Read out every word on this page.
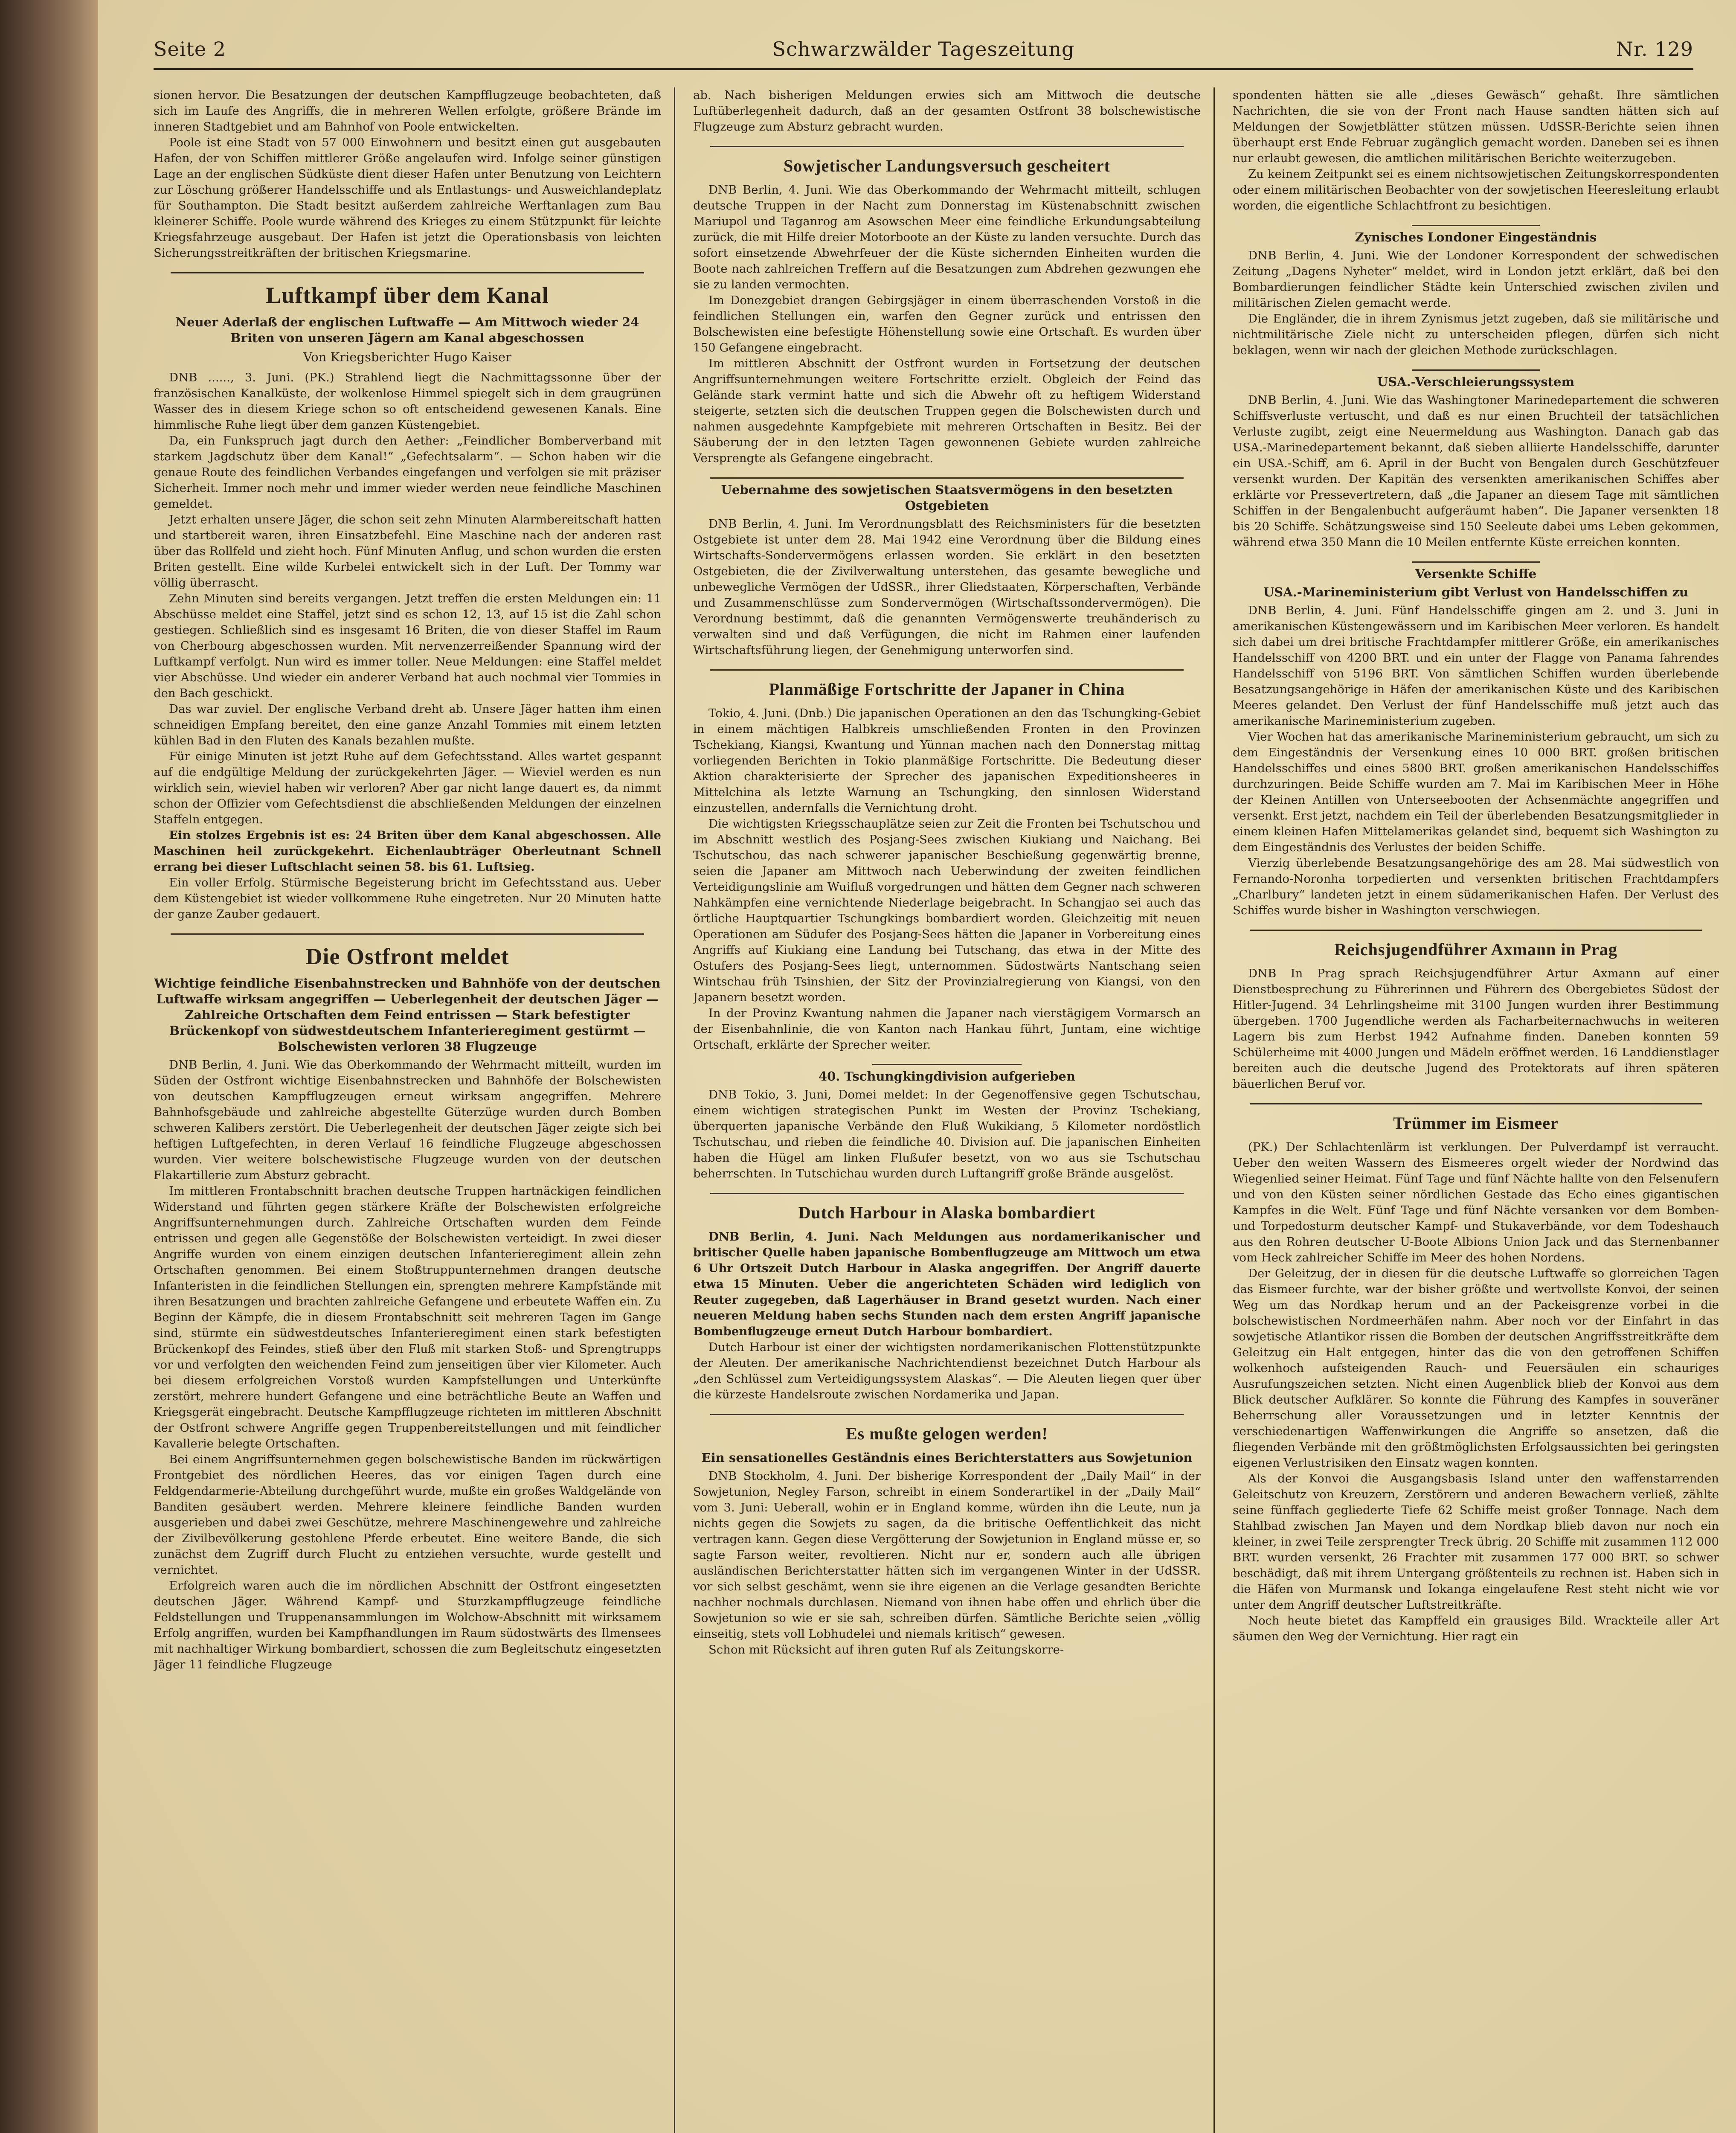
Seite 2	Schwarzwälder Tageszeitung	Nr. 129

sionen hervor. Die Besatzungen der deutschen Kampfflugzeuge beobachteten, daß sich im Laufe des Angriffs, die in mehreren Wellen erfolgte, größere Brände im inneren Stadtgebiet und am Bahnhof von Poole entwickelten.

Poole ist eine Stadt von 57 000 Einwohnern und besitzt einen gut ausgebauten Hafen, der von Schiffen mittlerer Größe angelaufen wird. Infolge seiner günstigen Lage an der englischen Südküste dient dieser Hafen unter Benutzung von Leichtern zur Löschung größerer Handelsschiffe und als Entlastungs- und Ausweichlandeplatz für Southampton. Die Stadt besitzt außerdem zahlreiche Werftanlagen zum Bau kleinerer Schiffe. Poole wurde während des Krieges zu einem Stützpunkt für leichte Kriegsfahrzeuge ausgebaut. Der Hafen ist jetzt die Operationsbasis von leichten Sicherungsstreitkräften der britischen Kriegsmarine.

Luftkampf über dem Kanal
Neuer Aderlaß der englischen Luftwaffe — Am Mittwoch wieder 24 Briten von unseren Jägern am Kanal abgeschossen
Von Kriegsberichter Hugo Kaiser

DNB ......, 3. Juni. (PK.) Strahlend liegt die Nachmittagssonne über der französischen Kanalküste, der wolkenlose Himmel spiegelt sich in dem graugrünen Wasser des in diesem Kriege schon so oft entscheidend gewesenen Kanals. Eine himmlische Ruhe liegt über dem ganzen Küstengebiet.

Da, ein Funkspruch jagt durch den Aether: „Feindlicher Bomberverband mit starkem Jagdschutz über dem Kanal!“ „Gefechtsalarm“. — Schon haben wir die genaue Route des feindlichen Verbandes eingefangen und verfolgen sie mit präziser Sicherheit. Immer noch mehr und immer wieder werden neue feindliche Maschinen gemeldet.

Jetzt erhalten unsere Jäger, die schon seit zehn Minuten Alarmbereitschaft hatten und startbereit waren, ihren Einsatzbefehl. Eine Maschine nach der anderen rast über das Rollfeld und zieht hoch. Fünf Minuten Anflug, und schon wurden die ersten Briten gestellt. Eine wilde Kurbelei entwickelt sich in der Luft. Der Tommy war völlig überrascht.

Zehn Minuten sind bereits vergangen. Jetzt treffen die ersten Meldungen ein: 11 Abschüsse meldet eine Staffel, jetzt sind es schon 12, 13, auf 15 ist die Zahl schon gestiegen. Schließlich sind es insgesamt 16 Briten, die von dieser Staffel im Raum von Cherbourg abgeschossen wurden. Mit nervenzerreißender Spannung wird der Luftkampf verfolgt. Nun wird es immer toller. Neue Meldungen: eine Staffel meldet vier Abschüsse. Und wieder ein anderer Verband hat auch nochmal vier Tommies in den Bach geschickt.

Das war zuviel. Der englische Verband dreht ab. Unsere Jäger hatten ihm einen schneidigen Empfang bereitet, den eine ganze Anzahl Tommies mit einem letzten kühlen Bad in den Fluten des Kanals bezahlen mußte.

Für einige Minuten ist jetzt Ruhe auf dem Gefechtsstand. Alles wartet gespannt auf die endgültige Meldung der zurückgekehrten Jäger. — Wieviel werden es nun wirklich sein, wieviel haben wir verloren? Aber gar nicht lange dauert es, da nimmt schon der Offizier vom Gefechtsdienst die abschließenden Meldungen der einzelnen Staffeln entgegen.

Ein stolzes Ergebnis ist es: 24 Briten über dem Kanal abgeschossen. Alle Maschinen heil zurückgekehrt. Eichenlaubträger Oberleutnant Schnell errang bei dieser Luftschlacht seinen 58. bis 61. Luftsieg.

Ein voller Erfolg. Stürmische Begeisterung bricht im Gefechtsstand aus. Ueber dem Küstengebiet ist wieder vollkommene Ruhe eingetreten. Nur 20 Minuten hatte der ganze Zauber gedauert.

Die Ostfront meldet
Wichtige feindliche Eisenbahnstrecken und Bahnhöfe von der deutschen Luftwaffe wirksam angegriffen — Ueberlegenheit der deutschen Jäger — Zahlreiche Ortschaften dem Feind entrissen — Stark befestigter Brückenkopf von südwestdeutschem Infanterieregiment gestürmt — Bolschewisten verloren 38 Flugzeuge

DNB Berlin, 4. Juni. Wie das Oberkommando der Wehrmacht mitteilt, wurden im Süden der Ostfront wichtige Eisenbahnstrecken und Bahnhöfe der Bolschewisten von deutschen Kampfflugzeugen erneut wirksam angegriffen. Mehrere Bahnhofsgebäude und zahlreiche abgestellte Güterzüge wurden durch Bomben schweren Kalibers zerstört. Die Ueberlegenheit der deutschen Jäger zeigte sich bei heftigen Luftgefechten, in deren Verlauf 16 feindliche Flugzeuge abgeschossen wurden. Vier weitere bolschewistische Flugzeuge wurden von der deutschen Flakartillerie zum Absturz gebracht.

Im mittleren Frontabschnitt brachen deutsche Truppen hartnäckigen feindlichen Widerstand und führten gegen stärkere Kräfte der Bolschewisten erfolgreiche Angriffsunternehmungen durch. Zahlreiche Ortschaften wurden dem Feinde entrissen und gegen alle Gegenstöße der Bolschewisten verteidigt. In zwei dieser Angriffe wurden von einem einzigen deutschen Infanterieregiment allein zehn Ortschaften genommen. Bei einem Stoßtruppunternehmen drangen deutsche Infanteristen in die feindlichen Stellungen ein, sprengten mehrere Kampfstände mit ihren Besatzungen und brachten zahlreiche Gefangene und erbeutete Waffen ein. Zu Beginn der Kämpfe, die in diesem Frontabschnitt seit mehreren Tagen im Gange sind, stürmte ein südwestdeutsches Infanterieregiment einen stark befestigten Brückenkopf des Feindes, stieß über den Fluß mit starken Stoß- und Sprengtrupps vor und verfolgten den weichenden Feind zum jenseitigen über vier Kilometer. Auch bei diesem erfolgreichen Vorstoß wurden Kampfstellungen und Unterkünfte zerstört, mehrere hundert Gefangene und eine beträchtliche Beute an Waffen und Kriegsgerät eingebracht. Deutsche Kampfflugzeuge richteten im mittleren Abschnitt der Ostfront schwere Angriffe gegen Truppenbereitstellungen und mit feindlicher Kavallerie belegte Ortschaften.

Bei einem Angriffsunternehmen gegen bolschewistische Banden im rückwärtigen Frontgebiet des nördlichen Heeres, das vor einigen Tagen durch eine Feldgendarmerie-Abteilung durchgeführt wurde, mußte ein großes Waldgelände von Banditen gesäubert werden. Mehrere kleinere feindliche Banden wurden ausgerieben und dabei zwei Geschütze, mehrere Maschinengewehre und zahlreiche der Zivilbevölkerung gestohlene Pferde erbeutet. Eine weitere Bande, die sich zunächst dem Zugriff durch Flucht zu entziehen versuchte, wurde gestellt und vernichtet.

Erfolgreich waren auch die im nördlichen Abschnitt der Ostfront eingesetzten deutschen Jäger. Während Kampf- und Sturzkampfflugzeuge feindliche Feldstellungen und Truppenansammlungen im Wolchow-Abschnitt mit wirksamem Erfolg angriffen, wurden bei Kampfhandlungen im Raum südostwärts des Ilmensees mit nachhaltiger Wirkung bombardiert, schossen die zum Begleitschutz eingesetzten Jäger 11 feindliche Flugzeuge

ab. Nach bisherigen Meldungen erwies sich am Mittwoch die deutsche Luftüberlegenheit dadurch, daß an der gesamten Ostfront 38 bolschewistische Flugzeuge zum Absturz gebracht wurden.

Sowjetischer Landungsversuch gescheitert

DNB Berlin, 4. Juni. Wie das Oberkommando der Wehrmacht mitteilt, schlugen deutsche Truppen in der Nacht zum Donnerstag im Küstenabschnitt zwischen Mariupol und Taganrog am Asowschen Meer eine feindliche Erkundungsabteilung zurück, die mit Hilfe dreier Motorboote an der Küste zu landen versuchte. Durch das sofort einsetzende Abwehrfeuer der die Küste sichernden Einheiten wurden die Boote nach zahlreichen Treffern auf die Besatzungen zum Abdrehen gezwungen ehe sie zu landen vermochten.

Im Donezgebiet drangen Gebirgsjäger in einem überraschenden Vorstoß in die feindlichen Stellungen ein, warfen den Gegner zurück und entrissen den Bolschewisten eine befestigte Höhenstellung sowie eine Ortschaft. Es wurden über 150 Gefangene eingebracht.

Im mittleren Abschnitt der Ostfront wurden in Fortsetzung der deutschen Angriffsunternehmungen weitere Fortschritte erzielt. Obgleich der Feind das Gelände stark vermint hatte und sich die Abwehr oft zu heftigem Widerstand steigerte, setzten sich die deutschen Truppen gegen die Bolschewisten durch und nahmen ausgedehnte Kampfgebiete mit mehreren Ortschaften in Besitz. Bei der Säuberung der in den letzten Tagen gewonnenen Gebiete wurden zahlreiche Versprengte als Gefangene eingebracht.

Uebernahme des sowjetischen Staatsvermögens in den besetzten Ostgebieten

DNB Berlin, 4. Juni. Im Verordnungsblatt des Reichsministers für die besetzten Ostgebiete ist unter dem 28. Mai 1942 eine Verordnung über die Bildung eines Wirtschafts-Sondervermögens erlassen worden. Sie erklärt in den besetzten Ostgebieten, die der Zivilverwaltung unterstehen, das gesamte bewegliche und unbewegliche Vermögen der UdSSR., ihrer Gliedstaaten, Körperschaften, Verbände und Zusammenschlüsse zum Sondervermögen (Wirtschaftssondervermögen). Die Verordnung bestimmt, daß die genannten Vermögenswerte treuhänderisch zu verwalten sind und daß Verfügungen, die nicht im Rahmen einer laufenden Wirtschaftsführung liegen, der Genehmigung unterworfen sind.

Planmäßige Fortschritte der Japaner in China

Tokio, 4. Juni. (Dnb.) Die japanischen Operationen an den das Tschungking-Gebiet in einem mächtigen Halbkreis umschließenden Fronten in den Provinzen Tschekiang, Kiangsi, Kwantung und Yünnan machen nach den Donnerstag mittag vorliegenden Berichten in Tokio planmäßige Fortschritte. Die Bedeutung dieser Aktion charakterisierte der Sprecher des japanischen Expeditionsheeres in Mittelchina als letzte Warnung an Tschungking, den sinnlosen Widerstand einzustellen, andernfalls die Vernichtung droht.

Die wichtigsten Kriegsschauplätze seien zur Zeit die Fronten bei Tschutschou und im Abschnitt westlich des Posjang-Sees zwischen Kiukiang und Naichang. Bei Tschutschou, das nach schwerer japanischer Beschießung gegenwärtig brenne, seien die Japaner am Mittwoch nach Ueberwindung der zweiten feindlichen Verteidigungslinie am Wuifluß vorgedrungen und hätten dem Gegner nach schweren Nahkämpfen eine vernichtende Niederlage beigebracht. In Schangjao sei auch das örtliche Hauptquartier Tschungkings bombardiert worden. Gleichzeitig mit neuen Operationen am Südufer des Posjang-Sees hätten die Japaner in Vorbereitung eines Angriffs auf Kiukiang eine Landung bei Tutschang, das etwa in der Mitte des Ostufers des Posjang-Sees liegt, unternommen. Südostwärts Nantschang seien Wintschau früh Tsinshien, der Sitz der Provinzialregierung von Kiangsi, von den Japanern besetzt worden.

In der Provinz Kwantung nahmen die Japaner nach vierstägigem Vormarsch an der Eisenbahnlinie, die von Kanton nach Hankau führt, Juntam, eine wichtige Ortschaft, erklärte der Sprecher weiter.

40. Tschungkingdivision aufgerieben

DNB Tokio, 3. Juni, Domei meldet: In der Gegenoffensive gegen Tschutschau, einem wichtigen strategischen Punkt im Westen der Provinz Tschekiang, überquerten japanische Verbände den Fluß Wukikiang, 5 Kilometer nordöstlich Tschutschau, und rieben die feindliche 40. Division auf. Die japanischen Einheiten haben die Hügel am linken Flußufer besetzt, von wo aus sie Tschutschau beherrschten. In Tutschichau wurden durch Luftangriff große Brände ausgelöst.

Dutch Harbour in Alaska bombardiert

DNB Berlin, 4. Juni. Nach Meldungen aus nordamerikanischer und britischer Quelle haben japanische Bombenflugzeuge am Mittwoch um etwa 6 Uhr Ortszeit Dutch Harbour in Alaska angegriffen. Der Angriff dauerte etwa 15 Minuten. Ueber die angerichteten Schäden wird lediglich von Reuter zugegeben, daß Lagerhäuser in Brand gesetzt wurden. Nach einer neueren Meldung haben sechs Stunden nach dem ersten Angriff japanische Bombenflugzeuge erneut Dutch Harbour bombardiert.

Dutch Harbour ist einer der wichtigsten nordamerikanischen Flottenstützpunkte der Aleuten. Der amerikanische Nachrichtendienst bezeichnet Dutch Harbour als „den Schlüssel zum Verteidigungssystem Alaskas“. — Die Aleuten liegen quer über die kürzeste Handelsroute zwischen Nordamerika und Japan.

Es mußte gelogen werden!
Ein sensationelles Geständnis eines Berichterstatters aus Sowjetunion

DNB Stockholm, 4. Juni. Der bisherige Korrespondent der „Daily Mail“ in der Sowjetunion, Negley Farson, schreibt in einem Sonderartikel in der „Daily Mail“ vom 3. Juni: Ueberall, wohin er in England komme, würden ihn die Leute, nun ja nichts gegen die Sowjets zu sagen, da die britische Oeffentlichkeit das nicht vertragen kann. Gegen diese Vergötterung der Sowjetunion in England müsse er, so sagte Farson weiter, revoltieren. Nicht nur er, sondern auch alle übrigen ausländischen Berichterstatter hätten sich im vergangenen Winter in der UdSSR. vor sich selbst geschämt, wenn sie ihre eigenen an die Verlage gesandten Berichte nachher nochmals durchlasen. Niemand von ihnen habe offen und ehrlich über die Sowjetunion so wie er sie sah, schreiben dürfen. Sämtliche Berichte seien „völlig einseitig, stets voll Lobhudelei und niemals kritisch“ gewesen.

Schon mit Rücksicht auf ihren guten Ruf als Zeitungskorre-

spondenten hätten sie alle „dieses Gewäsch“ gehaßt. Ihre sämtlichen Nachrichten, die sie von der Front nach Hause sandten hätten sich auf Meldungen der Sowjetblätter stützen müssen. UdSSR-Berichte seien ihnen überhaupt erst Ende Februar zugänglich gemacht worden. Daneben sei es ihnen nur erlaubt gewesen, die amtlichen militärischen Berichte weiterzugeben.

Zu keinem Zeitpunkt sei es einem nichtsowjetischen Zeitungskorrespondenten oder einem militärischen Beobachter von der sowjetischen Heeresleitung erlaubt worden, die eigentliche Schlachtfront zu besichtigen.

Zynisches Londoner Eingeständnis

DNB Berlin, 4. Juni. Wie der Londoner Korrespondent der schwedischen Zeitung „Dagens Nyheter“ meldet, wird in London jetzt erklärt, daß bei den Bombardierungen feindlicher Städte kein Unterschied zwischen zivilen und militärischen Zielen gemacht werde.

Die Engländer, die in ihrem Zynismus jetzt zugeben, daß sie militärische und nichtmilitärische Ziele nicht zu unterscheiden pflegen, dürfen sich nicht beklagen, wenn wir nach der gleichen Methode zurückschlagen.

USA.-Verschleierungssystem

DNB Berlin, 4. Juni. Wie das Washingtoner Marinedepartement die schweren Schiffsverluste vertuscht, und daß es nur einen Bruchteil der tatsächlichen Verluste zugibt, zeigt eine Neuermeldung aus Washington. Danach gab das USA.-Marinedepartement bekannt, daß sieben alliierte Handelsschiffe, darunter ein USA.-Schiff, am 6. April in der Bucht von Bengalen durch Geschützfeuer versenkt wurden. Der Kapitän des versenkten amerikanischen Schiffes aber erklärte vor Pressevertretern, daß „die Japaner an diesem Tage mit sämtlichen Schiffen in der Bengalenbucht aufgeräumt haben“. Die Japaner versenkten 18 bis 20 Schiffe. Schätzungsweise sind 150 Seeleute dabei ums Leben gekommen, während etwa 350 Mann die 10 Meilen entfernte Küste erreichen konnten.

Versenkte Schiffe
USA.-Marineministerium gibt Verlust von Handelsschiffen zu

DNB Berlin, 4. Juni. Fünf Handelsschiffe gingen am 2. und 3. Juni in amerikanischen Küstengewässern und im Karibischen Meer verloren. Es handelt sich dabei um drei britische Frachtdampfer mittlerer Größe, ein amerikanisches Handelsschiff von 4200 BRT. und ein unter der Flagge von Panama fahrendes Handelsschiff von 5196 BRT. Von sämtlichen Schiffen wurden überlebende Besatzungsangehörige in Häfen der amerikanischen Küste und des Karibischen Meeres gelandet. Den Verlust der fünf Handelsschiffe muß jetzt auch das amerikanische Marineministerium zugeben.

Vier Wochen hat das amerikanische Marineministerium gebraucht, um sich zu dem Eingeständnis der Versenkung eines 10 000 BRT. großen britischen Handelsschiffes und eines 5800 BRT. großen amerikanischen Handelsschiffes durchzuringen. Beide Schiffe wurden am 7. Mai im Karibischen Meer in Höhe der Kleinen Antillen von Unterseebooten der Achsenmächte angegriffen und versenkt. Erst jetzt, nachdem ein Teil der überlebenden Besatzungsmitglieder in einem kleinen Hafen Mittelamerikas gelandet sind, bequemt sich Washington zu dem Eingeständnis des Verlustes der beiden Schiffe.

Vierzig überlebende Besatzungsangehörige des am 28. Mai südwestlich von Fernando-Noronha torpedierten und versenkten britischen Frachtdampfers „Charlbury“ landeten jetzt in einem südamerikanischen Hafen. Der Verlust des Schiffes wurde bisher in Washington verschwiegen.

Reichsjugendführer Axmann in Prag

DNB In Prag sprach Reichsjugendführer Artur Axmann auf einer Dienstbesprechung zu Führerinnen und Führern des Obergebietes Südost der Hitler-Jugend. 34 Lehrlingsheime mit 3100 Jungen wurden ihrer Bestimmung übergeben. 1700 Jugendliche werden als Facharbeiternachwuchs in weiteren Lagern bis zum Herbst 1942 Aufnahme finden. Daneben konnten 59 Schülerheime mit 4000 Jungen und Mädeln eröffnet werden. 16 Landdienstlager bereiten auch die deutsche Jugend des Protektorats auf ihren späteren bäuerlichen Beruf vor.

Trümmer im Eismeer

(PK.) Der Schlachtenlärm ist verklungen. Der Pulverdampf ist verraucht. Ueber den weiten Wassern des Eismeeres orgelt wieder der Nordwind das Wiegenlied seiner Heimat. Fünf Tage und fünf Nächte hallte von den Felsenufern und von den Küsten seiner nördlichen Gestade das Echo eines gigantischen Kampfes in die Welt. Fünf Tage und fünf Nächte versanken vor dem Bomben- und Torpedosturm deutscher Kampf- und Stukaverbände, vor dem Todeshauch aus den Rohren deutscher U-Boote Albions Union Jack und das Sternenbanner vom Heck zahlreicher Schiffe im Meer des hohen Nordens.

Der Geleitzug, der in diesen für die deutsche Luftwaffe so glorreichen Tagen das Eismeer furchte, war der bisher größte und wertvollste Konvoi, der seinen Weg um das Nordkap herum und an der Packeisgrenze vorbei in die bolschewistischen Nordmeerhäfen nahm. Aber noch vor der Einfahrt in das sowjetische Atlantikor rissen die Bomben der deutschen Angriffsstreitkräfte dem Geleitzug ein Halt entgegen, hinter das die von den getroffenen Schiffen wolkenhoch aufsteigenden Rauch- und Feuersäulen ein schauriges Ausrufungszeichen setzten. Nicht einen Augenblick blieb der Konvoi aus dem Blick deutscher Aufklärer. So konnte die Führung des Kampfes in souveräner Beherrschung aller Voraussetzungen und in letzter Kenntnis der verschiedenartigen Waffenwirkungen die Angriffe so ansetzen, daß die fliegenden Verbände mit den größtmöglichsten Erfolgsaussichten bei geringsten eigenen Verlustrisiken den Einsatz wagen konnten.

Als der Konvoi die Ausgangsbasis Island unter den waffenstarrenden Geleitschutz von Kreuzern, Zerstörern und anderen Bewachern verließ, zählte seine fünffach gegliederte Tiefe 62 Schiffe meist großer Tonnage. Nach dem Stahlbad zwischen Jan Mayen und dem Nordkap blieb davon nur noch ein kleiner, in zwei Teile zersprengter Treck übrig. 20 Schiffe mit zusammen 112 000 BRT. wurden versenkt, 26 Frachter mit zusammen 177 000 BRT. so schwer beschädigt, daß mit ihrem Untergang größtenteils zu rechnen ist. Haben sich in die Häfen von Murmansk und Iokanga eingelaufene Rest steht nicht wie vor unter dem Angriff deutscher Luftstreitkräfte.

Noch heute bietet das Kampffeld ein grausiges Bild. Wrackteile aller Art säumen den Weg der Vernichtung. Hier ragt ein
